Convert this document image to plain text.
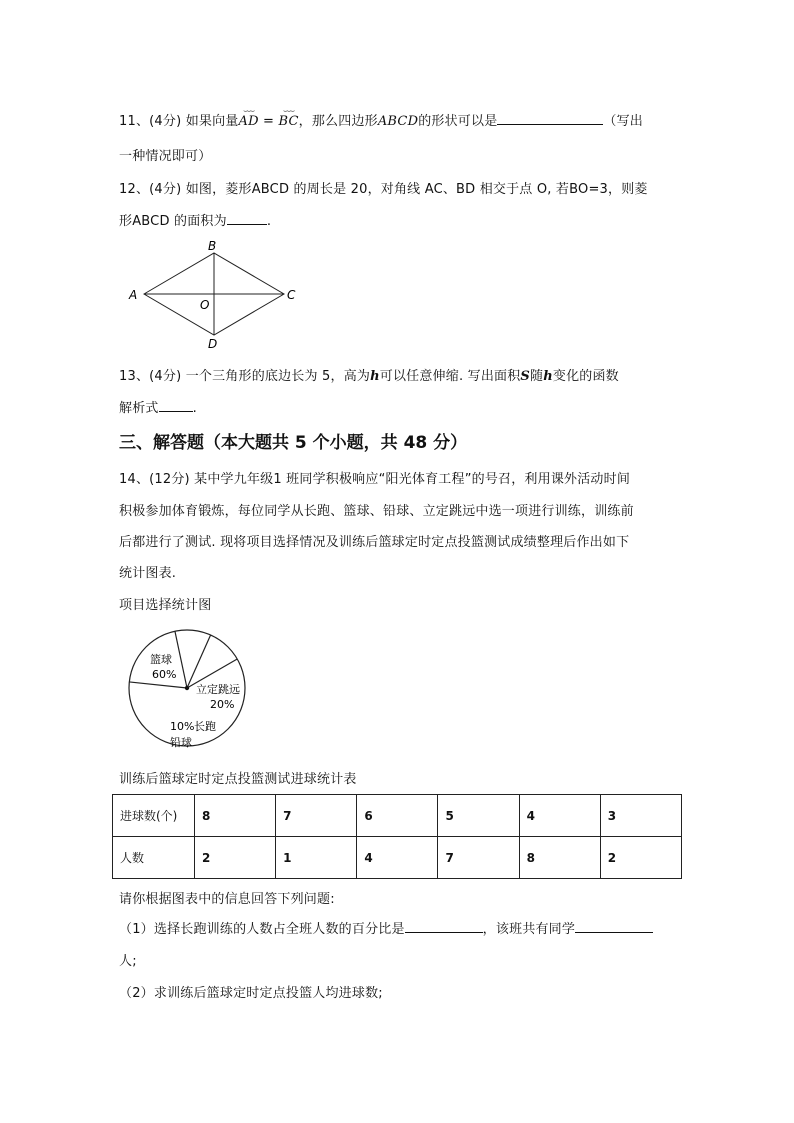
11、(4分) 如果向量
⌣⌣⌣
AD =
⌣⌣⌣
BC，那么四边形ABCD的形状可以是	（写出
一种情况即可）
12、(4分) 如图，菱形ABCD 的周长是 20，对角线 AC、BD 相交于点 O, 若BO=3，则菱
形ABCD 的面积为	.
A
B
C
D
O
13、(4分) 一个三角形的底边长为 5，高为h可以任意伸缩. 写出面积S随h变化的函数
解析式	.
三、解答题（本大题共 5 个小题，共 48 分）
14、(12分) 某中学九年级1 班同学积极响应“阳光体育工程”的号召，利用课外活动时间
积极参加体育锻炼，每位同学从长跑、篮球、铅球、立定跳远中选一项进行训练，训练前
后都进行了测试. 现将项目选择情况及训练后篮球定时定点投篮测试成绩整理后作出如下
统计图表.
项目选择统计图
篮球
60%
立定跳远
20%
长跑
铅球
10%
训练后篮球定时定点投篮测试进球统计表
进球数(个)	8	7	6	5	4	3
人数	2	1	4	7	8	2
请你根据图表中的信息回答下列问题:
（1）选择长跑训练的人数占全班人数的百分比是	，该班共有同学
人;
（2）求训练后篮球定时定点投篮人均进球数;
